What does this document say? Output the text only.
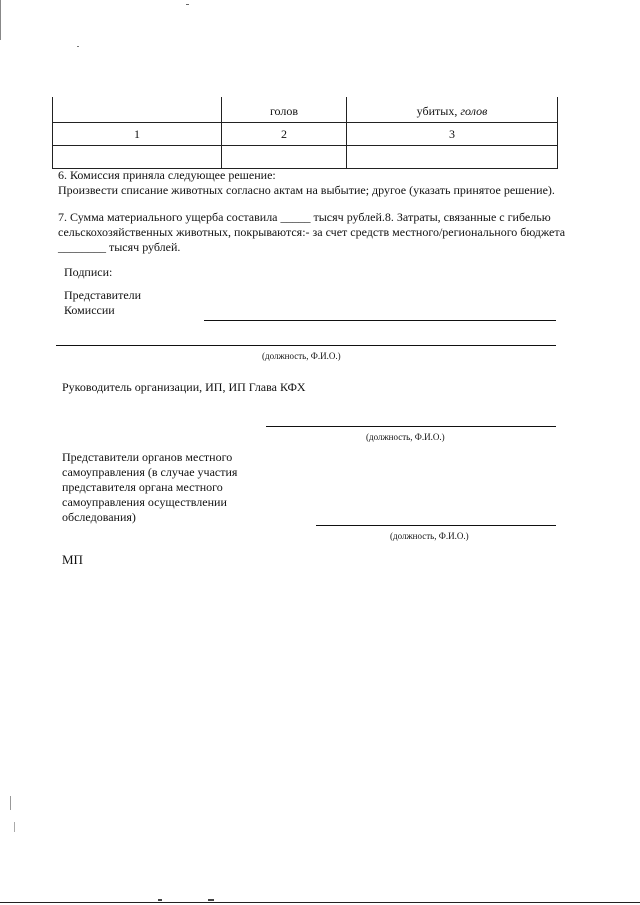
	голов	убитых, голов
1	2	3

6. Комиссия приняла следующее решение:
Произвести списание животных согласно актам на выбытие; другое (указать принятое решение).
7. Сумма материального ущерба составила _____ тысяч рублей.8. Затраты, связанные с гибелью
сельскохозяйственных животных, покрываются:- за счет средств местного/регионального бюджета
________ тысяч рублей.
Подписи:
Представители
Комиссии
(должность, Ф.И.О.)
Руководитель организации, ИП, ИП Глава КФХ
(должность, Ф.И.О.)
Представители органов местного
самоуправления (в случае участия
представителя органа местного
самоуправления осуществлении
обследования)
(должность, Ф.И.О.)
МП
